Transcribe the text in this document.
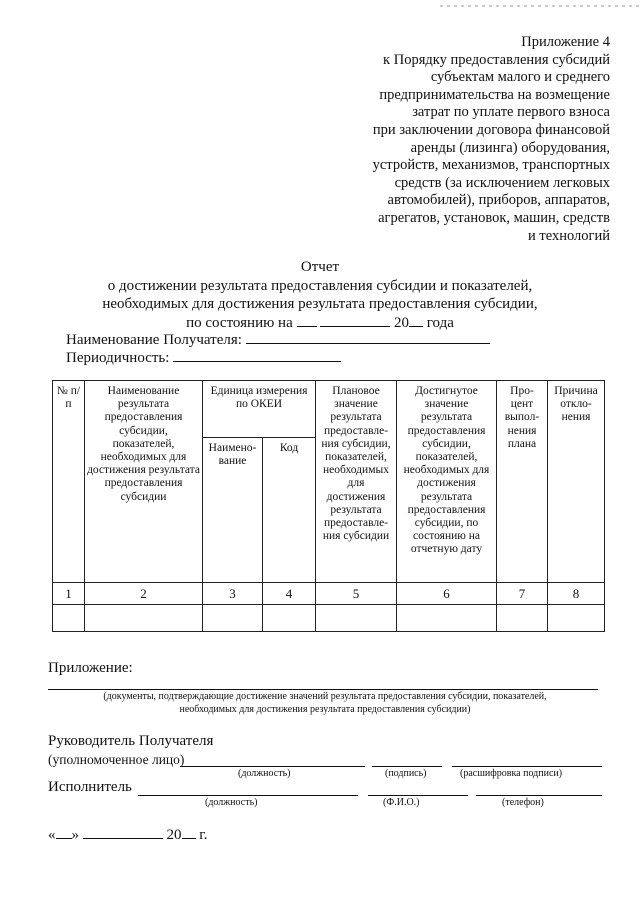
Приложение 4
к Порядку предоставления субсидий
субъектам малого и среднего
предпринимательства на возмещение
затрат по уплате первого взноса
при заключении договора финансовой
аренды (лизинга) оборудования,
устройств, механизмов, транспортных
средств (за исключением легковых
автомобилей), приборов, аппаратов,
агрегатов, установок, машин, средств
и технологий
Отчет
о достижении результата предоставления субсидии и показателей,
необходимых для достижения результата предоставления субсидии,
по состоянию на	20 года
Наименование Получателя:
Периодичность:
№ п/п	Наименование результата предоставления субсидии, показателей, необходимых для достижения результата предоставления субсидии	Единица измерения по ОКЕИ		Плановое значение результата предоставле-ния субсидии, показателей, необходимых для достижения результата предоставле-ния субсидии	Достигнутое значение результата предоставления субсидии, показателей, необходимых для достижения результата предоставления субсидии, по состоянию на отчетную дату	Про-цент выпол-нения плана	Причина откло-нения
		Наимено-вание	Код				
1	2	3	4	5	6	7	8

Приложение:
(документы, подтверждающие достижение значений результата предоставления субсидии, показателей,
необходимых для достижения результата предоставления субсидии)
Руководитель Получателя
(уполномоченное лицо)
(должность)	(подпись)	(расшифровка подписи)
Исполнитель
(должность)	(Ф.И.О.)	(телефон)
« »	20 г.
